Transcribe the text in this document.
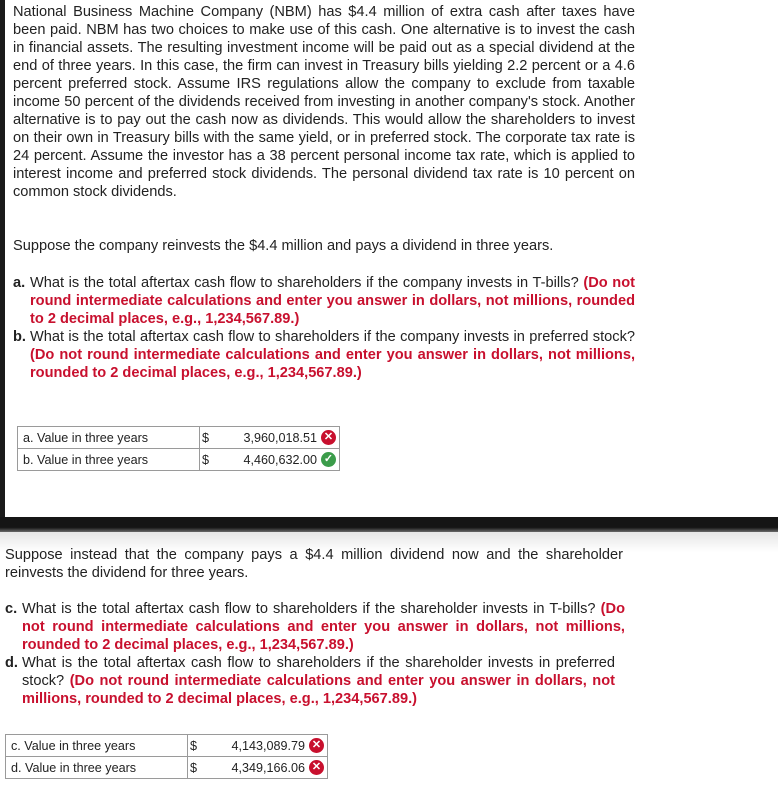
National Business Machine Company (NBM) has $4.4 million of extra cash after taxes have been paid. NBM has two choices to make use of this cash. One alternative is to invest the cash in financial assets. The resulting investment income will be paid out as a special dividend at the end of three years. In this case, the firm can invest in Treasury bills yielding 2.2 percent or a 4.6 percent preferred stock. Assume IRS regulations allow the company to exclude from taxable income 50 percent of the dividends received from investing in another company's stock. Another alternative is to pay out the cash now as dividends. This would allow the shareholders to invest on their own in Treasury bills with the same yield, or in preferred stock. The corporate tax rate is 24 percent. Assume the investor has a 38 percent personal income tax rate, which is applied to interest income and preferred stock dividends. The personal dividend tax rate is 10 percent on common stock dividends.

Suppose the company reinvests the $4.4 million and pays a dividend in three years.

a. What is the total aftertax cash flow to shareholders if the company invests in T-bills? (Do not round intermediate calculations and enter you answer in dollars, not millions, rounded to 2 decimal places, e.g., 1,234,567.89.)
b. What is the total aftertax cash flow to shareholders if the company invests in preferred stock? (Do not round intermediate calculations and enter you answer in dollars, not millions, rounded to 2 decimal places, e.g., 1,234,567.89.)
a. Value in three years	$	3,960,018.51 ✕

b. Value in three years	$	4,460,632.00 ✓

Suppose instead that the company pays a $4.4 million dividend now and the shareholder reinvests the dividend for three years.

c. What is the total aftertax cash flow to shareholders if the shareholder invests in T-bills? (Do not round intermediate calculations and enter you answer in dollars, not millions, rounded to 2 decimal places, e.g., 1,234,567.89.)
d. What is the total aftertax cash flow to shareholders if the shareholder invests in preferred stock? (Do not round intermediate calculations and enter you answer in dollars, not millions, rounded to 2 decimal places, e.g., 1,234,567.89.)
c. Value in three years	$	4,143,089.79 ✕

d. Value in three years	$	4,349,166.06 ✕
